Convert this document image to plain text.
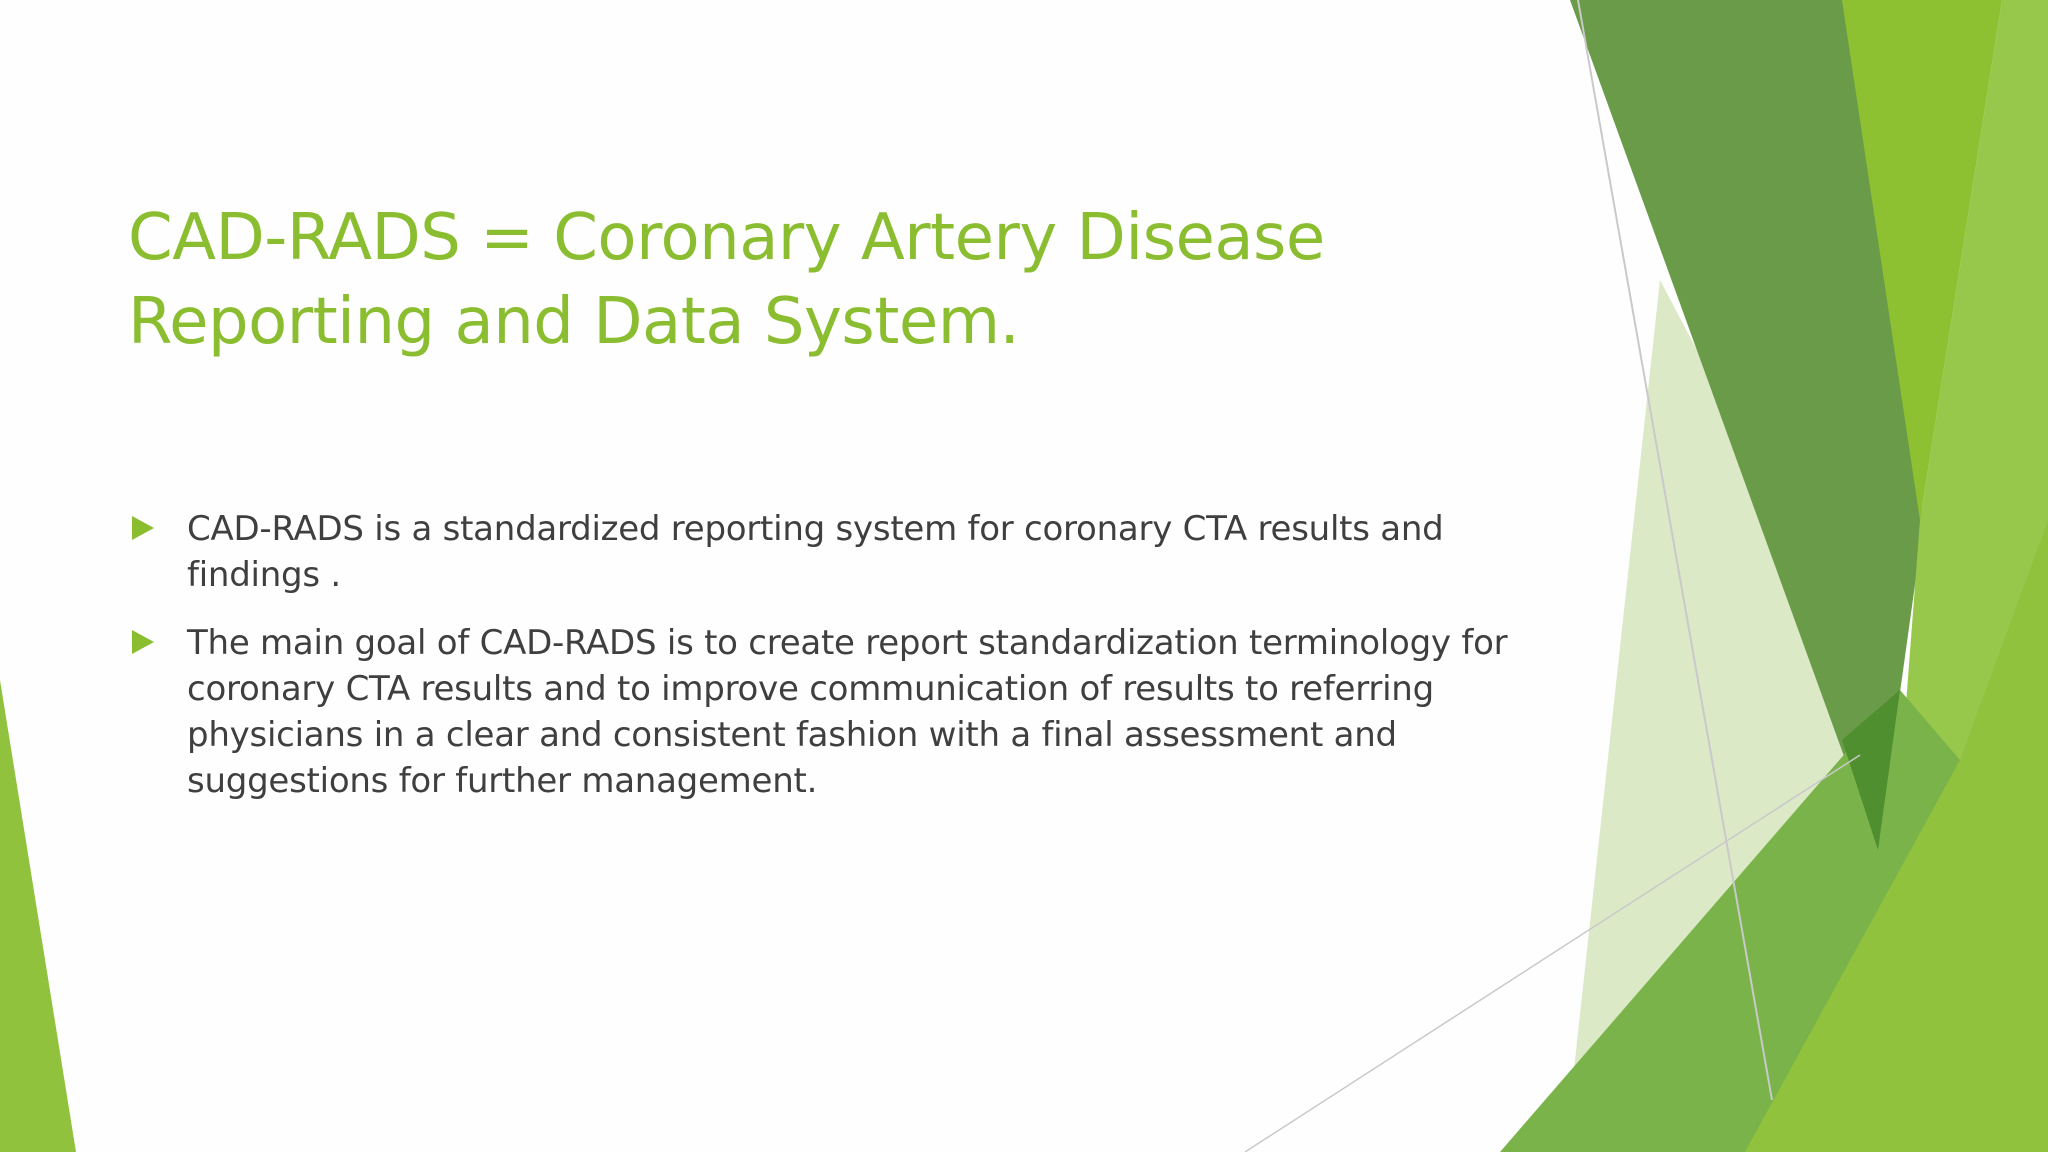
CAD-RADS = Coronary Artery Disease
Reporting and Data System.
CAD-RADS is a standardized reporting system for coronary CTA results and
findings .
The main goal of CAD-RADS is to create report standardization terminology for
coronary CTA results and to improve communication of results to referring
physicians in a clear and consistent fashion with a final assessment and
suggestions for further management.
